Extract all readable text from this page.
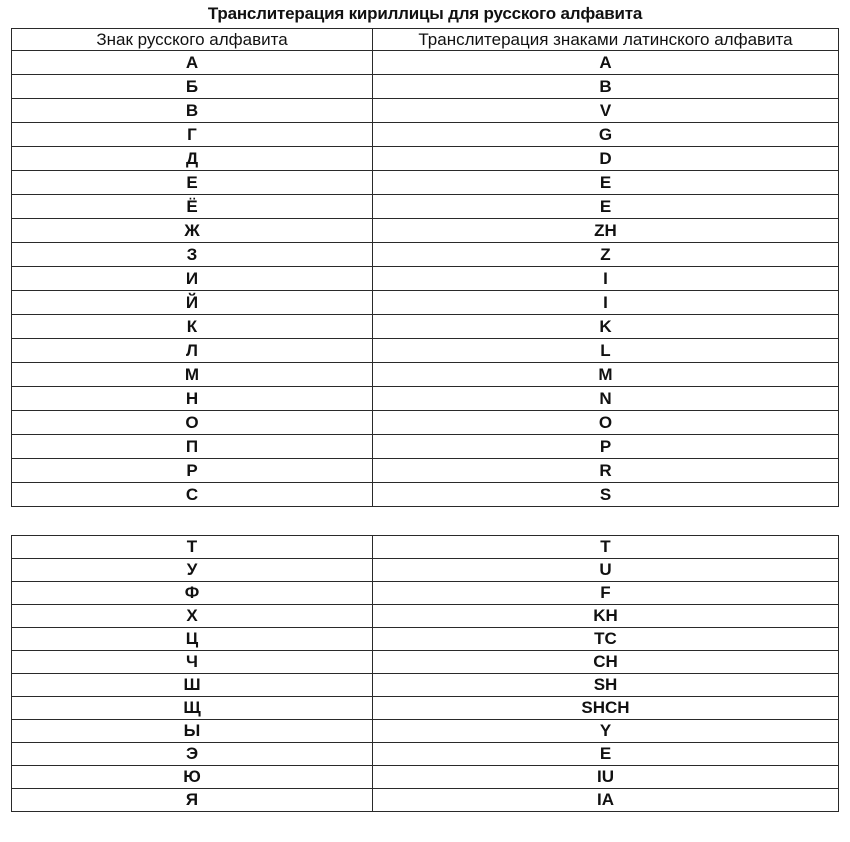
Транслитерация кириллицы для русского алфавита
Знак русского алфавита	Транслитерация знаками латинского алфавита
А	A
Б	B
В	V
Г	G
Д	D
Е	E
Ё	E
Ж	ZH
З	Z
И	I
Й	I
К	K
Л	L
М	M
Н	N
О	O
П	P
Р	R
С	S
Т	T
У	U
Ф	F
Х	KH
Ц	TC
Ч	CH
Ш	SH
Щ	SHCH
Ы	Y
Э	E
Ю	IU
Я	IA
